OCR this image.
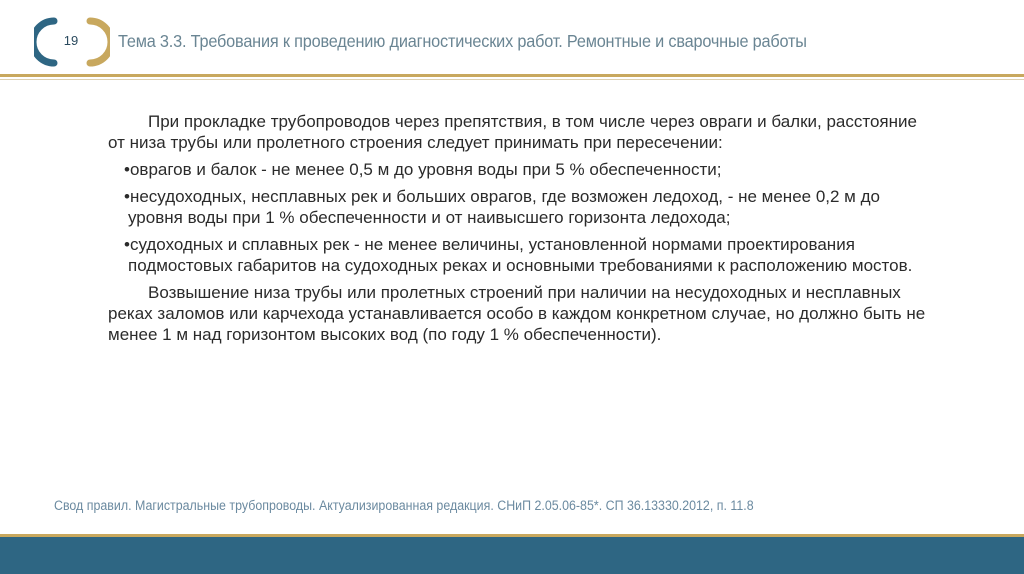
19	Тема 3.3. Требования к проведению диагностических работ. Ремонтные и сварочные работы

При прокладке трубопроводов через препятствия, в том числе через овраги и балки, расстояние от низа трубы или пролетного строения следует принимать при пересечении:

•оврагов и балок - не менее 0,5 м до уровня воды при 5 % обеспеченности;

•несудоходных, несплавных рек и больших оврагов, где возможен ледоход, - не менее 0,2 м до уровня воды при 1 % обеспеченности и от наивысшего горизонта ледохода;

•судоходных и сплавных рек - не менее величины, установленной нормами проектирования подмостовых габаритов на судоходных реках и основными требованиями к расположению мостов.

Возвышение низа трубы или пролетных строений при наличии на несудоходных и несплавных реках заломов или карчехода устанавливается особо в каждом конкретном случае, но должно быть не менее 1 м над горизонтом высоких вод (по году 1 % обеспеченности).

Свод правил. Магистральные трубопроводы. Актуализированная редакция. СНиП 2.05.06-85*. СП 36.13330.2012, п. 11.8
